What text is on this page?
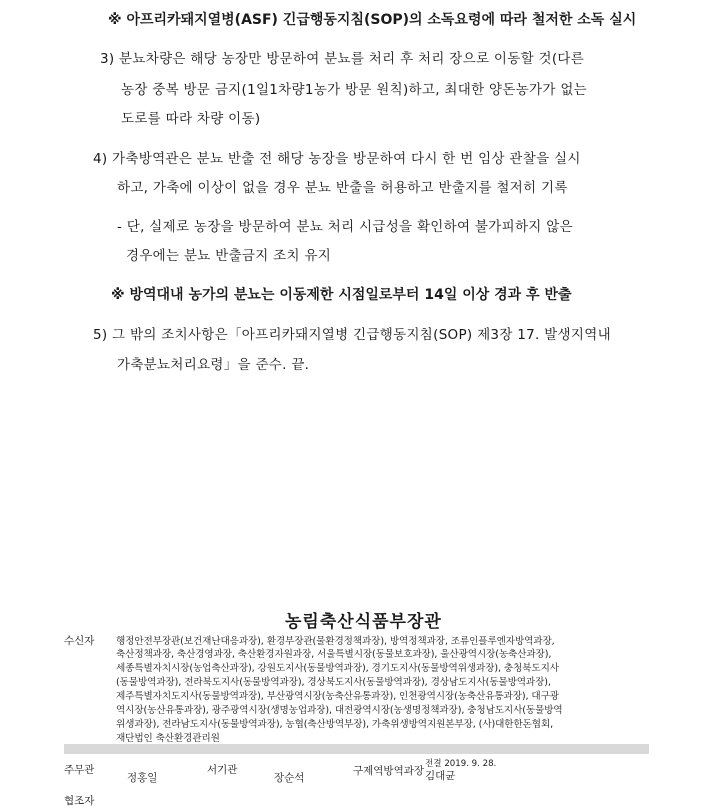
※ 아프리카돼지열병(ASF) 긴급행동지침(SOP)의 소독요령에 따라 철저한 소독 실시
3) 분뇨차량은 해당 농장만 방문하여 분뇨를 처리 후 처리 장으로 이동할 것(다른
농장 중복 방문 금지(1일1차량1농가 방문 원칙)하고, 최대한 양돈농가가 없는
도로를 따라 차량 이동)
4) 가축방역관은 분뇨 반출 전 해당 농장을 방문하여 다시 한 번 임상 관찰을 실시
하고, 가축에 이상이 없을 경우 분뇨 반출을 허용하고 반출지를 철저히 기록
- 단, 실제로 농장을 방문하여 분뇨 처리 시급성을 확인하여 불가피하지 않은
경우에는 분뇨 반출금지 조치 유지
※ 방역대내 농가의 분뇨는 이동제한 시점일로부터 14일 이상 경과 후 반출
5) 그 밖의 조치사항은「아프리카돼지열병 긴급행동지침(SOP) 제3장 17. 발생지역내
가축분뇨처리요령」을 준수. 끝.
농림축산식품부장관
수신자 행정안전부장관(보건재난대응과장), 환경부장관(물환경정책과장), 방역정책과장, 조류인플루엔자방역과장,
축산정책과장, 축산경영과장, 축산환경자원과장, 서울특별시장(동물보호과장), 울산광역시장(농축산과장),
세종특별자치시장(농업축산과장), 강원도지사(동물방역과장), 경기도지사(동물방역위생과장), 충청북도지사
(동물방역과장), 전라북도지사(동물방역과장), 경상북도지사(동물방역과장), 경상남도지사(동물방역과장),
제주특별자치도지사(동물방역과장), 부산광역시장(농축산유통과장), 인천광역시장(농축산유통과장), 대구광
역시장(농산유통과장), 광주광역시장(생명농업과장), 대전광역시장(농생명정책과장), 충청남도지사(동물방역
위생과장), 전라남도지사(동물방역과장), 농협(축산방역부장), 가축위생방역지원본부장, (사)대한한돈협회,
재단법인 축산환경관리원
주무관
정홍일
서기관
장순석
구제역방역과장
전결 2019. 9. 28.
김대균
협조자
